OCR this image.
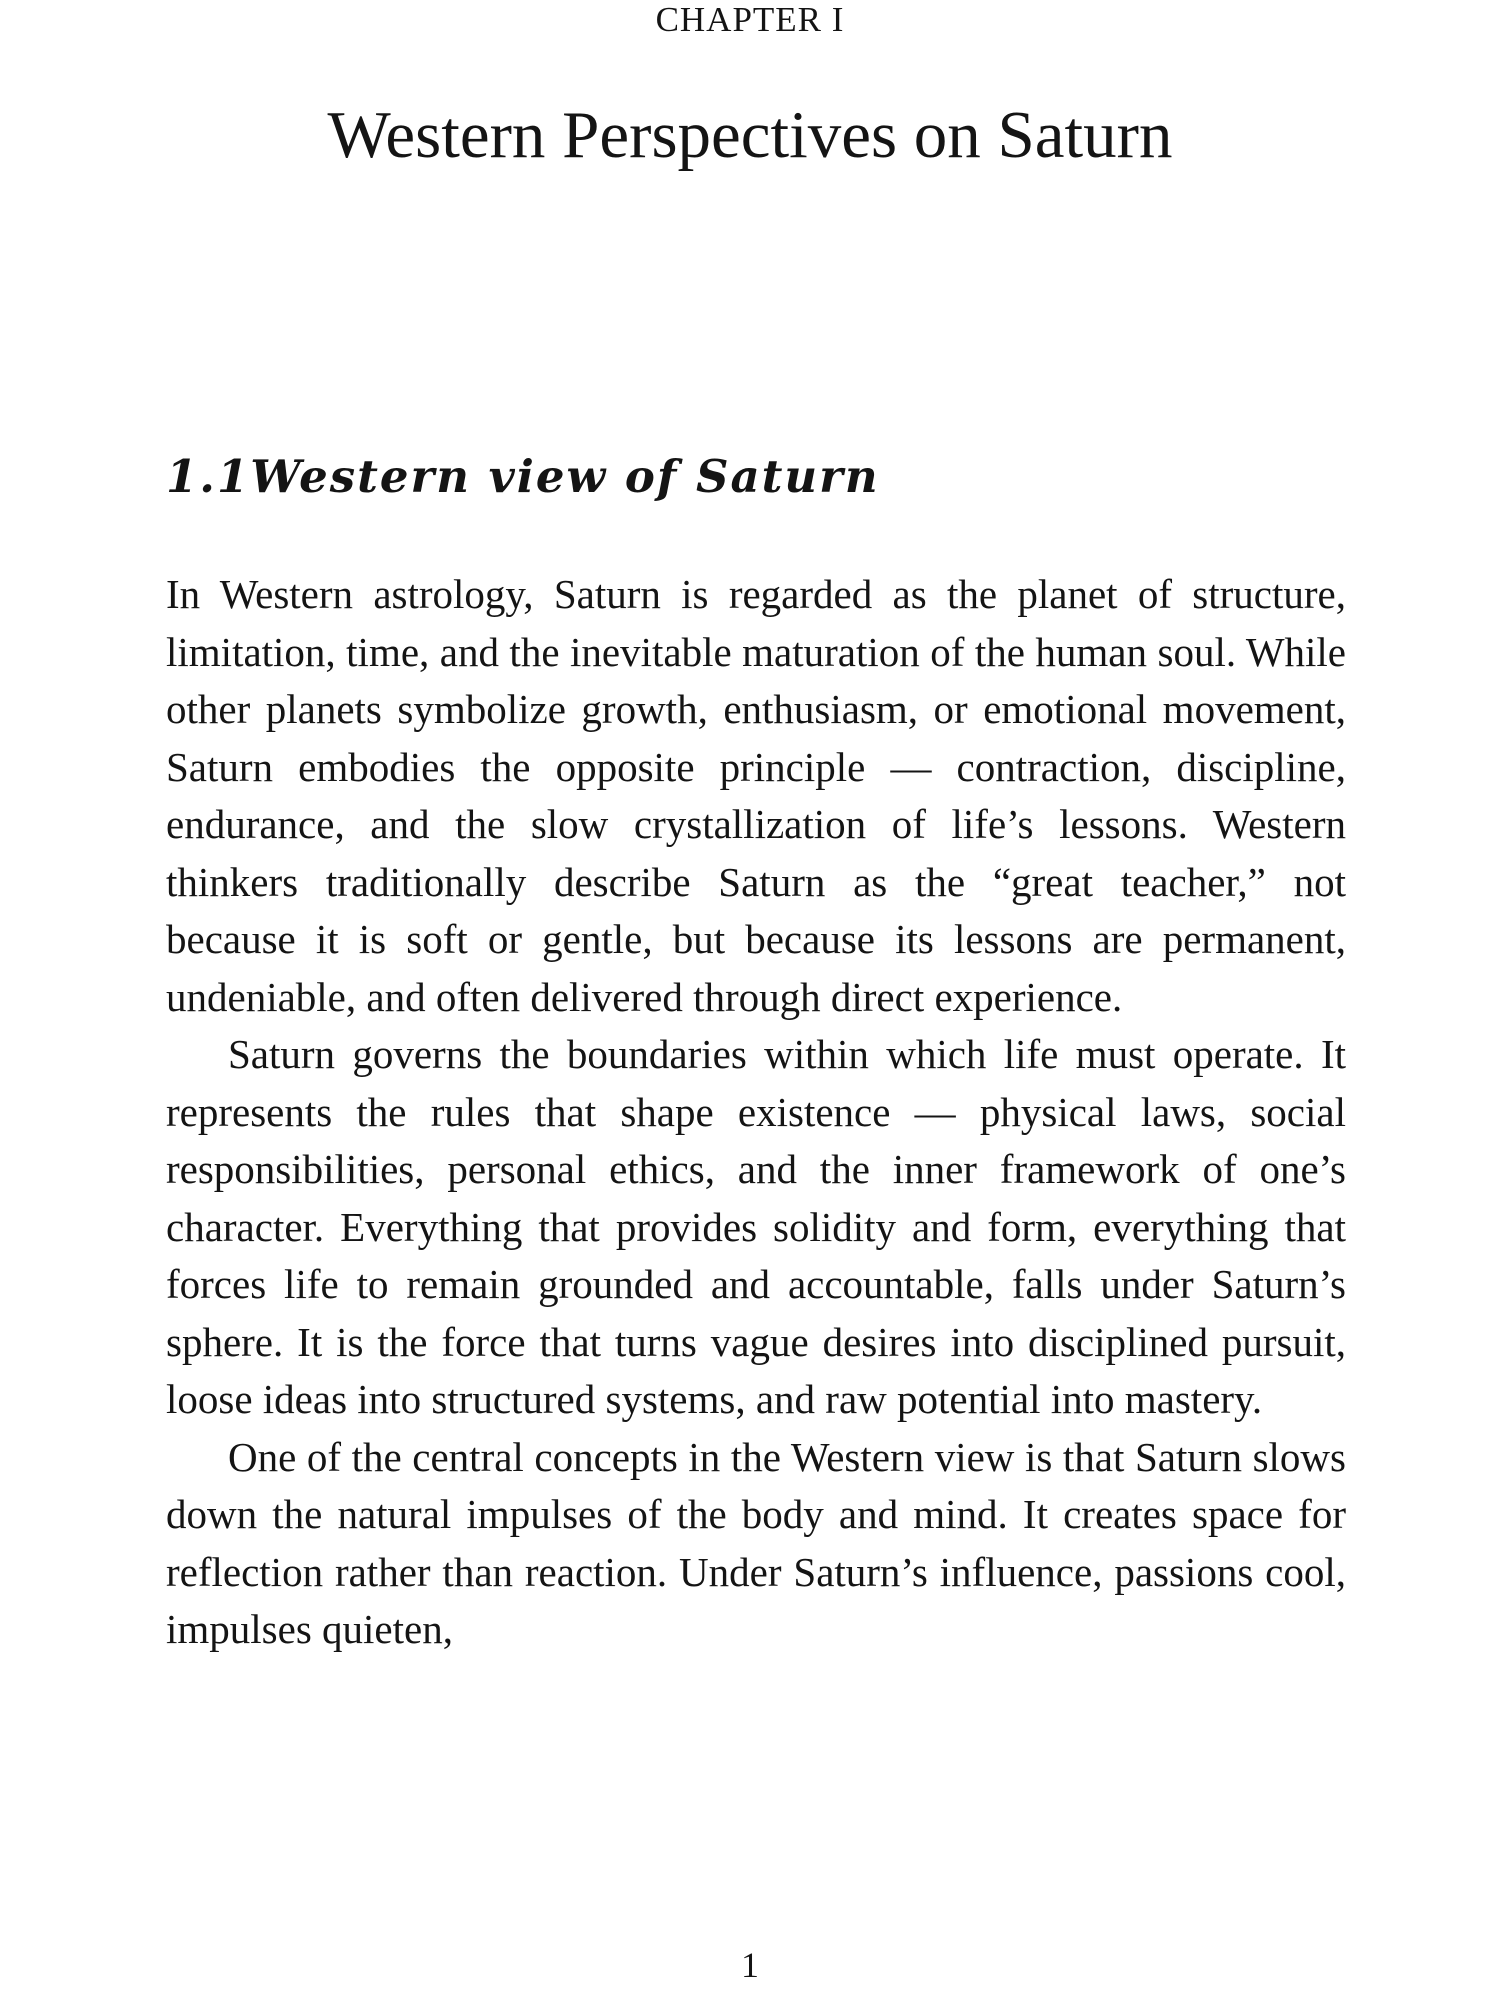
CHAPTER I
Western Perspectives on Saturn
1.1Western view of Saturn

In Western astrology, Saturn is regarded as the planet of structure, limitation, time, and the inevitable maturation of the human soul. While other planets symbolize growth, enthusiasm, or emotional movement, Saturn embodies the opposite principle — contraction, discipline, endurance, and the slow crystallization of life’s lessons. Western thinkers traditionally describe Saturn as the “great teacher,” not because it is soft or gentle, but because its lessons are permanent, undeniable, and often delivered through direct experience.

Saturn governs the boundaries within which life must operate. It represents the rules that shape existence — physical laws, social responsibilities, personal ethics, and the inner framework of one’s character. Everything that provides solidity and form, everything that forces life to remain grounded and accountable, falls under Saturn’s sphere. It is the force that turns vague desires into disciplined pursuit, loose ideas into structured systems, and raw potential into mastery.

One of the central concepts in the Western view is that Saturn slows down the natural impulses of the body and mind. It creates space for reflection rather than reaction. Under Saturn’s influence, passions cool, impulses quieten,

1
